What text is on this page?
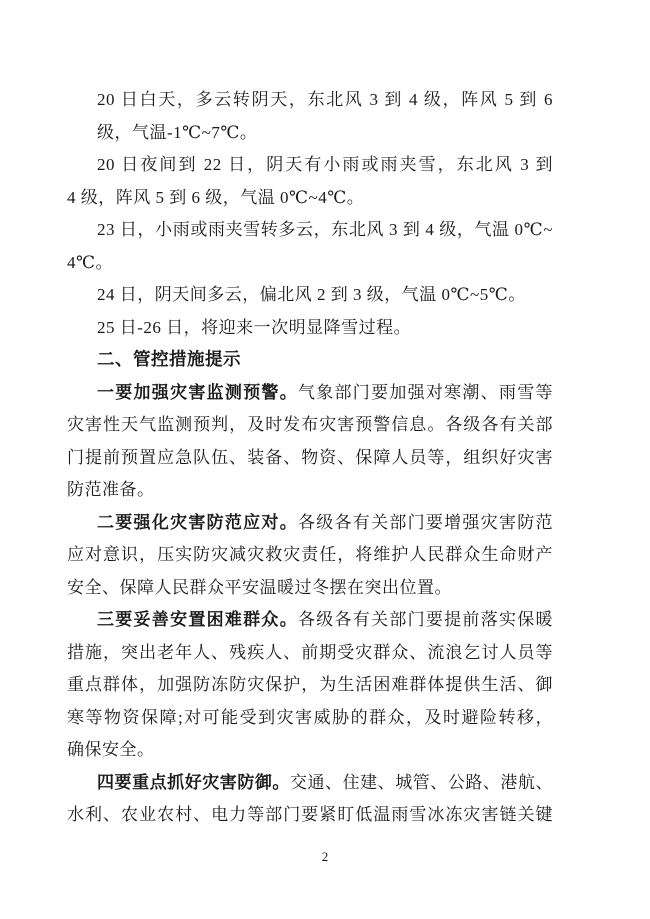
20 日白天，多云转阴天，东北风 3 到 4 级，阵风 5 到 6
级，气温-1℃~7℃。
20 日夜间到 22 日，阴天有小雨或雨夹雪，东北风 3 到
4 级，阵风 5 到 6 级，气温 0℃~4℃。
23 日，小雨或雨夹雪转多云，东北风 3 到 4 级，气温 0℃~
4℃。
24 日，阴天间多云，偏北风 2 到 3 级，气温 0℃~5℃。
25 日-26 日，将迎来一次明显降雪过程。
二、管控措施提示
一要加强灾害监测预警。气象部门要加强对寒潮、雨雪等
灾害性天气监测预判，及时发布灾害预警信息。各级各有关部
门提前预置应急队伍、装备、物资、保障人员等，组织好灾害
防范准备。
二要强化灾害防范应对。各级各有关部门要增强灾害防范
应对意识，压实防灾减灾救灾责任，将维护人民群众生命财产
安全、保障人民群众平安温暖过冬摆在突出位置。
三要妥善安置困难群众。各级各有关部门要提前落实保暖
措施，突出老年人、残疾人、前期受灾群众、流浪乞讨人员等
重点群体，加强防冻防灾保护，为生活困难群体提供生活、御
寒等物资保障;对可能受到灾害威胁的群众，及时避险转移，
确保安全。
四要重点抓好灾害防御。交通、住建、城管、公路、港航、
水利、农业农村、电力等部门要紧盯低温雨雪冰冻灾害链关键
2
